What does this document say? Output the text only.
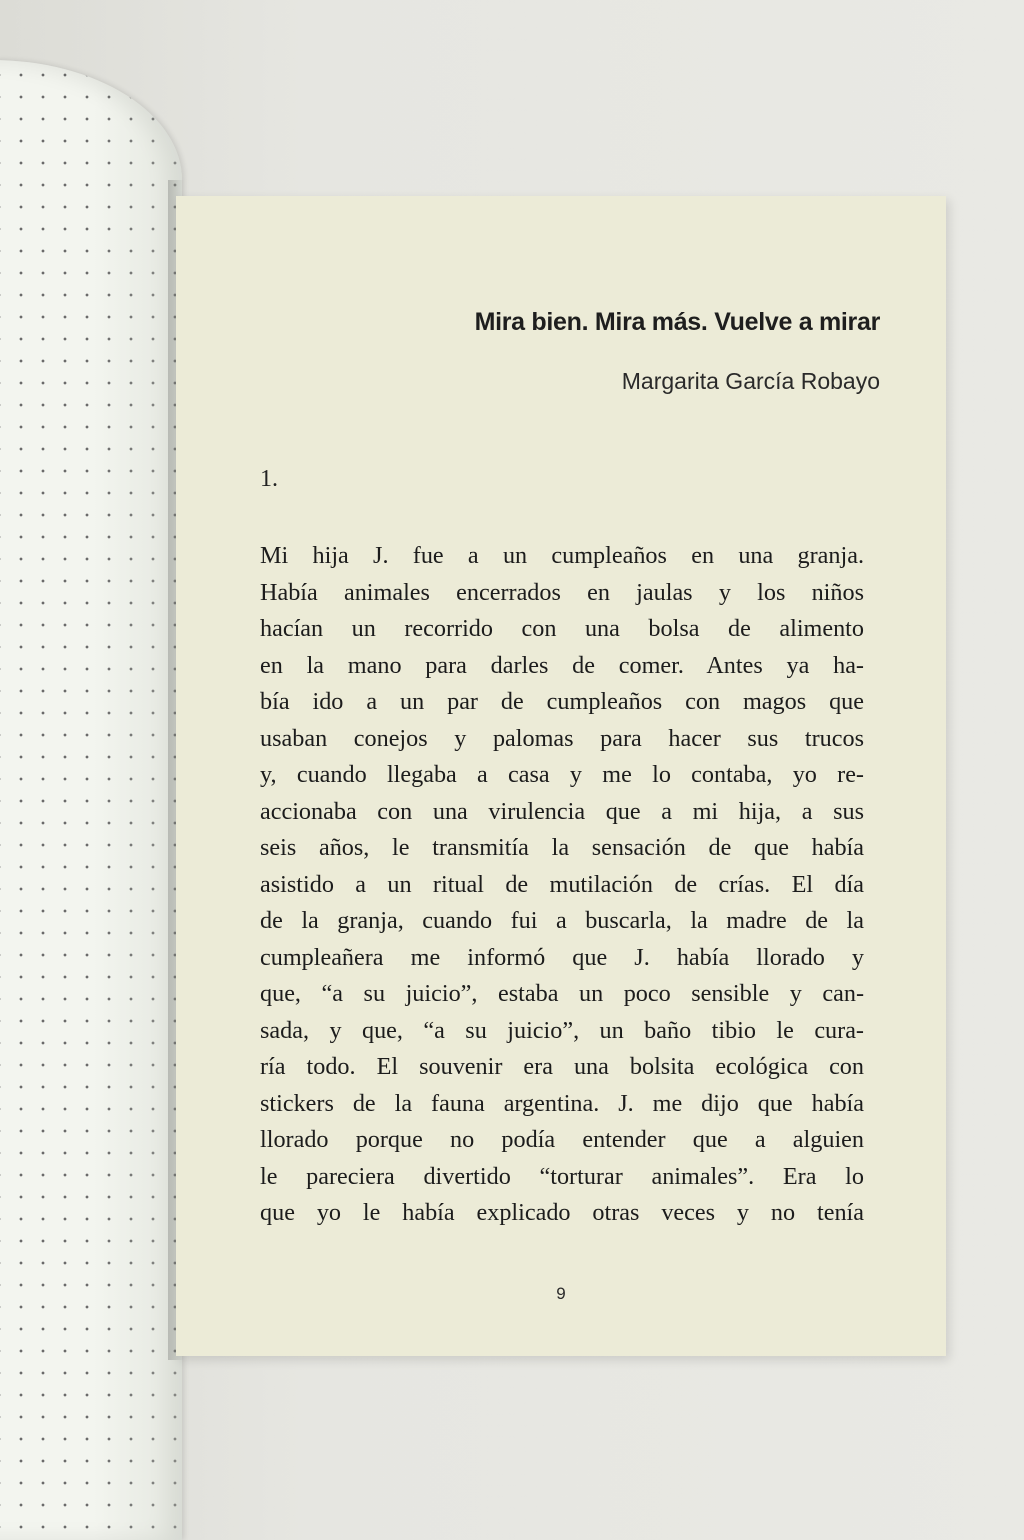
Mira bien. Mira más. Vuelve a mirar

Margarita García Robayo

1.

Mi hija J. fue a un cumpleaños en una granja.
Había animales encerrados en jaulas y los niños
hacían un recorrido con una bolsa de alimento
en la mano para darles de comer. Antes ya ha-
bía ido a un par de cumpleaños con magos que
usaban conejos y palomas para hacer sus trucos
y, cuando llegaba a casa y me lo contaba, yo re-
accionaba con una virulencia que a mi hija, a sus
seis años, le transmitía la sensación de que había
asistido a un ritual de mutilación de crías. El día
de la granja, cuando fui a buscarla, la madre de la
cumpleañera me informó que J. había llorado y
que, “a su juicio”, estaba un poco sensible y can-
sada, y que, “a su juicio”, un baño tibio le cura-
ría todo. El souvenir era una bolsita ecológica con
stickers de la fauna argentina. J. me dijo que había
llorado porque no podía entender que a alguien
le pareciera divertido “torturar animales”. Era lo
que yo le había explicado otras veces y no tenía

9
